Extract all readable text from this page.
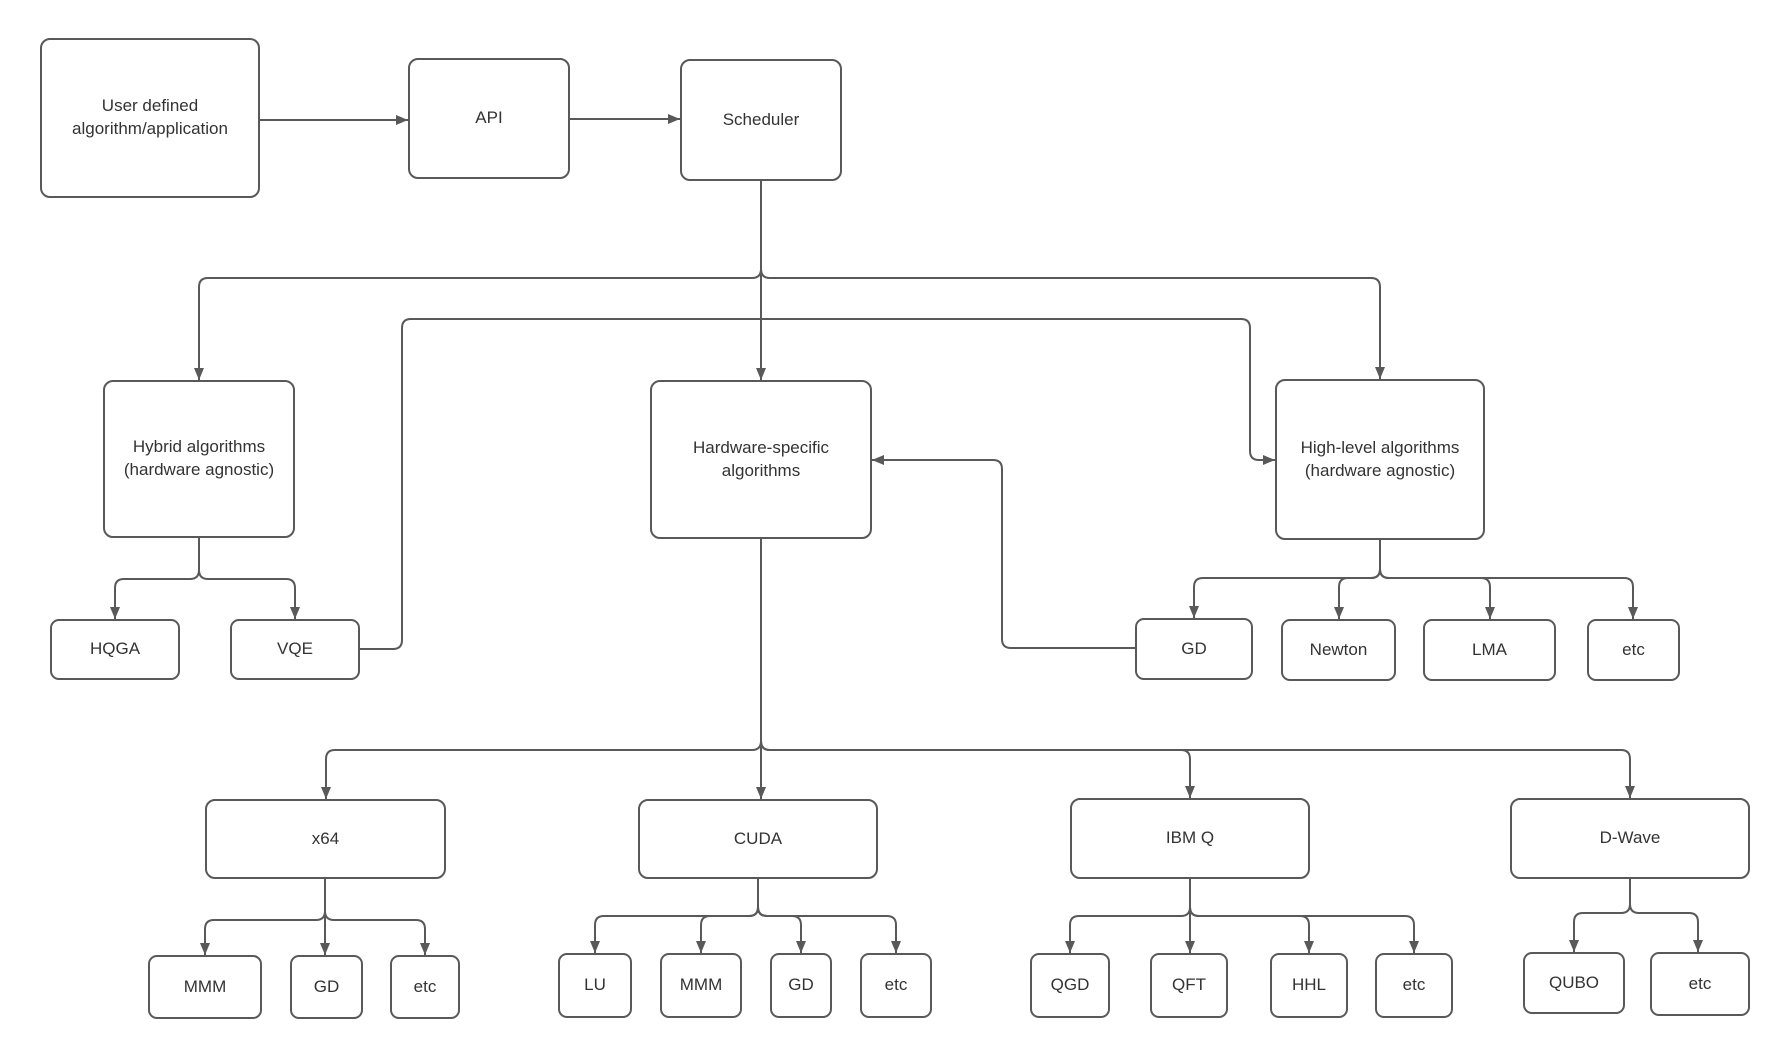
User defined algorithm/application
API	Scheduler
Hybrid algorithms (hardware agnostic)
Hardware-specific algorithms
High-level algorithms (hardware agnostic)
HQGA	VQE	GD	Newton	LMA	etc
x64	CUDA	IBM Q	D-Wave
MMM	GD	etc	LU	MMM	GD	etc	QGD	QFT	HHL	etc	QUBO	etc
